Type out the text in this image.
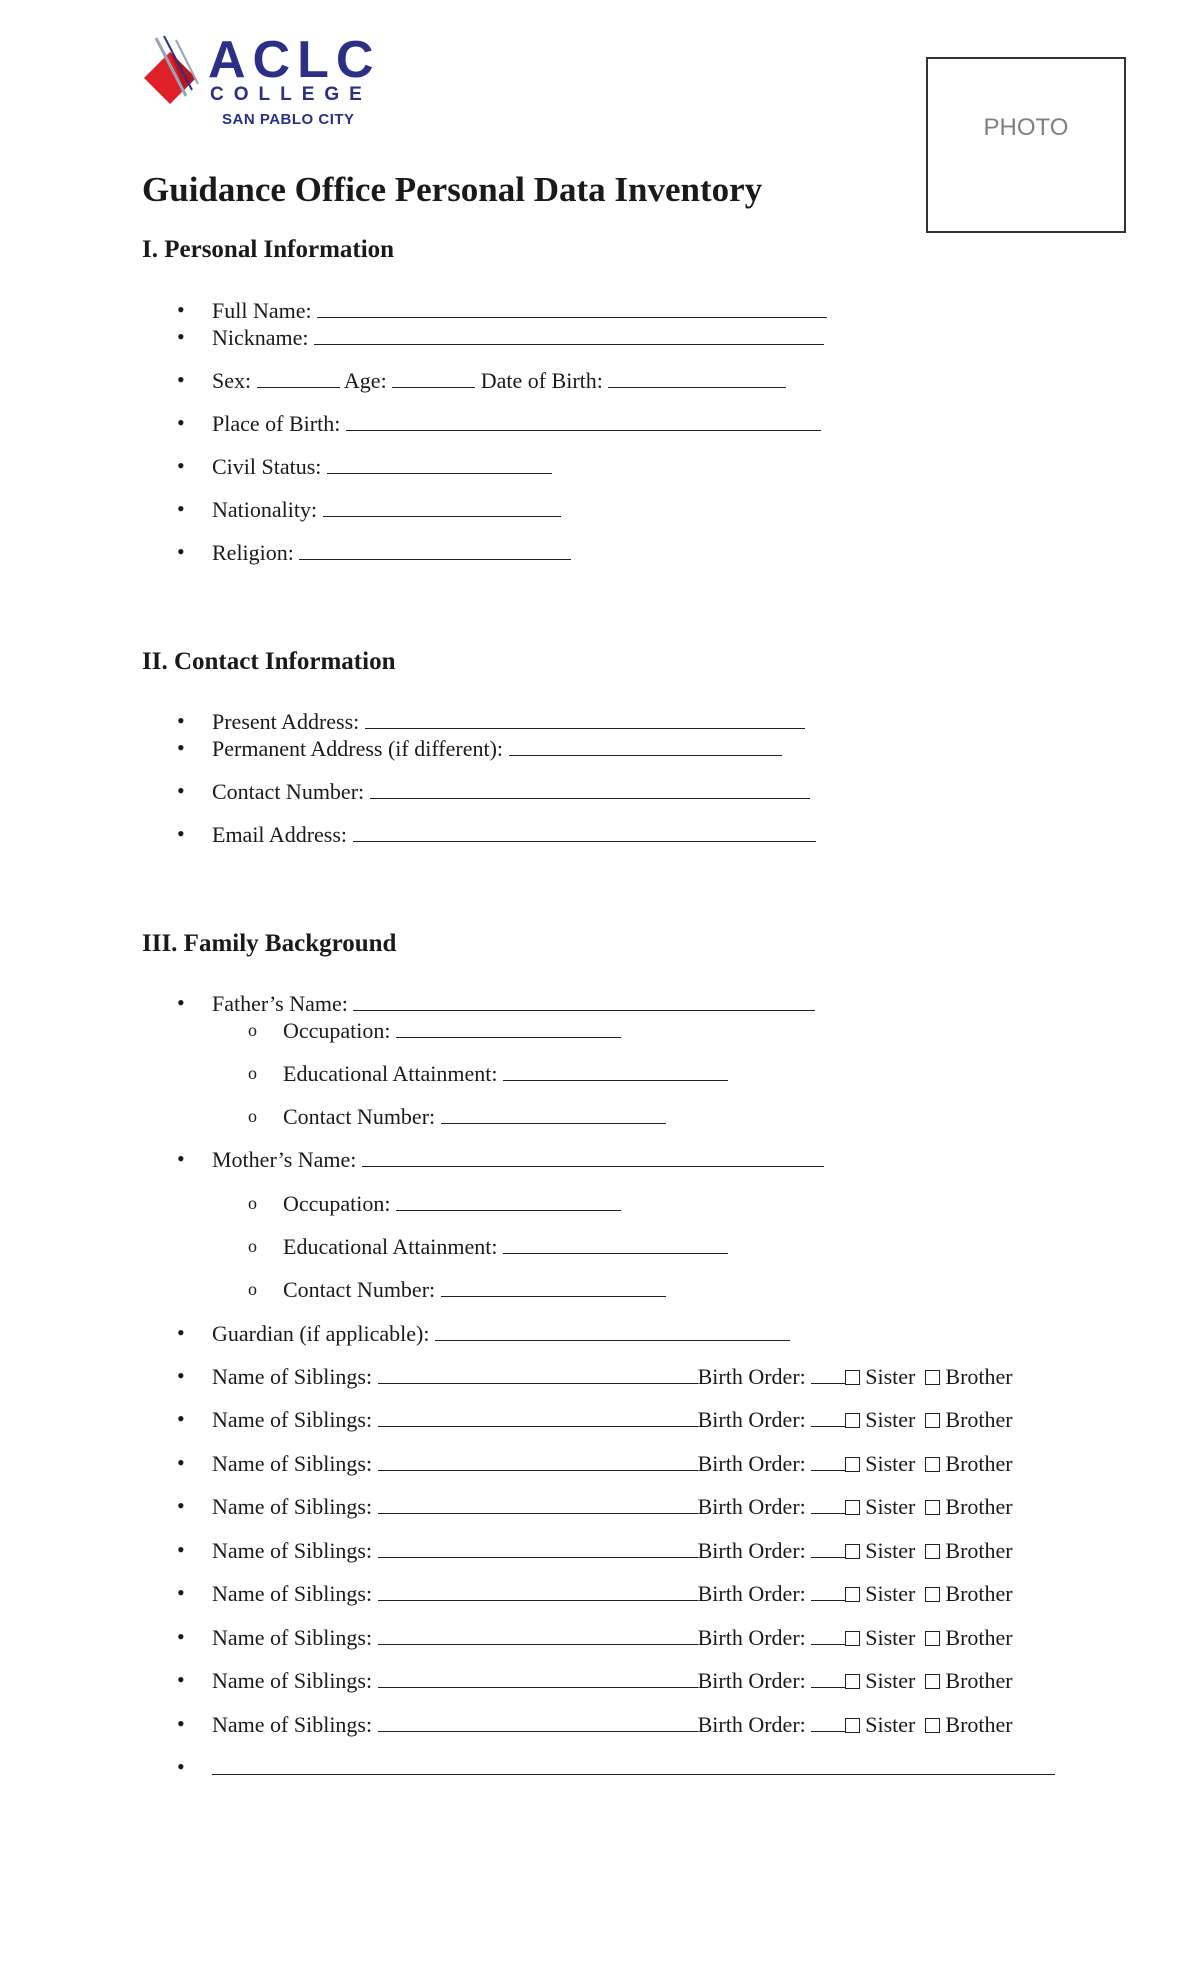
ACLC
COLLEGE
SAN PABLO CITY	PHOTO
Guidance Office Personal Data Inventory
I. Personal Information
• Full Name:
• Nickname:
• Sex:	Age:	Date of Birth:
• Place of Birth:
• Civil Status:
• Nationality:
• Religion:
II. Contact Information
• Present Address:
• Permanent Address (if different):
• Contact Number:
• Email Address:
III. Family Background
• Father’s Name:
o Occupation:
o Educational Attainment:
o Contact Number:
• Mother’s Name:
o Occupation:
o Educational Attainment:
o Contact Number:
• Guardian (if applicable):
• Name of Siblings:	Birth Order:	Sister Brother
• Name of Siblings:	Birth Order:	Sister Brother
• Name of Siblings:	Birth Order:	Sister Brother
• Name of Siblings:	Birth Order:	Sister Brother
• Name of Siblings:	Birth Order:	Sister Brother
• Name of Siblings:	Birth Order:	Sister Brother
• Name of Siblings:	Birth Order:	Sister Brother
• Name of Siblings:	Birth Order:	Sister Brother
• Name of Siblings:	Birth Order:	Sister Brother
•
